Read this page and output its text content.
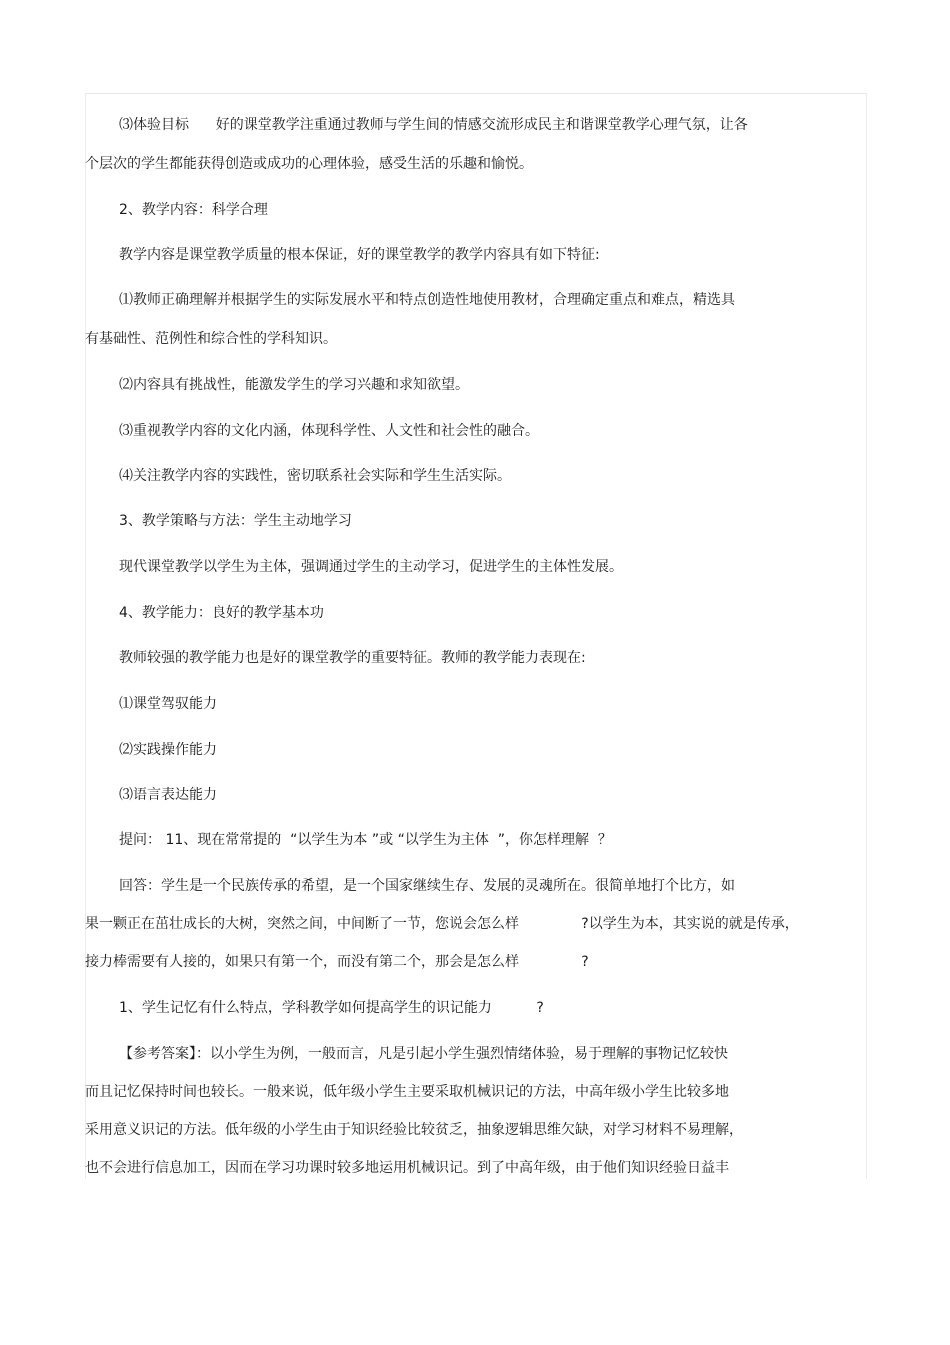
⑶体验目标      好的课堂教学注重通过教师与学生间的情感交流形成民主和谐课堂教学心理气氛，让各
个层次的学生都能获得创造或成功的心理体验，感受生活的乐趣和愉悦。
2、教学内容：科学合理
教学内容是课堂教学质量的根本保证，好的课堂教学的教学内容具有如下特征:
⑴教师正确理解并根据学生的实际发展水平和特点创造性地使用教材，合理确定重点和难点，精选具
有基础性、范例性和综合性的学科知识。
⑵内容具有挑战性，能激发学生的学习兴趣和求知欲望。
⑶重视教学内容的文化内涵，体现科学性、人文性和社会性的融合。
⑷关注教学内容的实践性，密切联系社会实际和学生生活实际。
3、教学策略与方法：学生主动地学习
现代课堂教学以学生为主体，强调通过学生的主动学习，促进学生的主体性发展。
4、教学能力：良好的教学基本功
教师较强的教学能力也是好的课堂教学的重要特征。教师的教学能力表现在:
⑴课堂驾驭能力
⑵实践操作能力
⑶语言表达能力
提问： 11、现在常常提的  “以学生为本 ”或 “以学生为主体  ”，你怎样理解  ？
回答：学生是一个民族传承的希望，是一个国家继续生存、发展的灵魂所在。很简单地打个比方，如
果一颗正在茁壮成长的大树，突然之间，中间断了一节，您说会怎么样              ?以学生为本，其实说的就是传承，
接力棒需要有人接的，如果只有第一个，而没有第二个，那会是怎么样              ?
1、学生记忆有什么特点，学科教学如何提高学生的识记能力          ?
【参考答案】：以小学生为例，一般而言，凡是引起小学生强烈情绪体验，易于理解的事物记忆较快
而且记忆保持时间也较长。一般来说，低年级小学生主要采取机械识记的方法，中高年级小学生比较多地
采用意义识记的方法。低年级的小学生由于知识经验比较贫乏，抽象逻辑思维欠缺，对学习材料不易理解，
也不会进行信息加工，因而在学习功课时较多地运用机械识记。到了中高年级，由于他们知识经验日益丰
